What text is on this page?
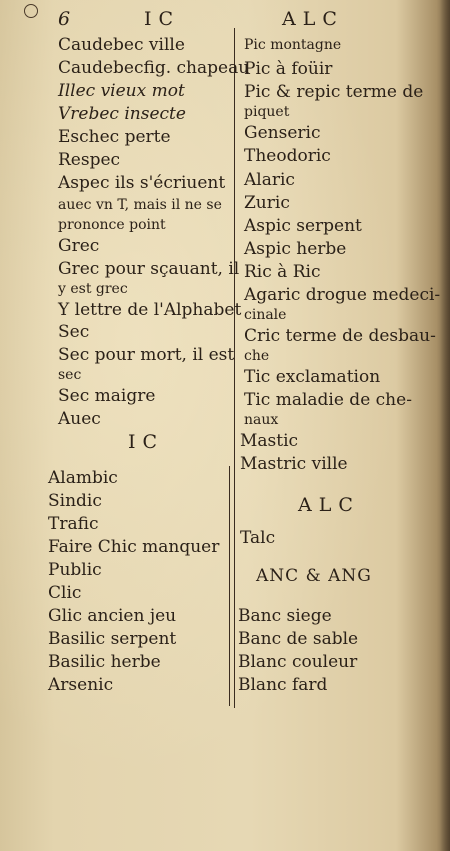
6	IC	ALC
Caudebec ville
Caudebecfig. chapeau
Illec vieux mot
Vrebec insecte
Eschec perte
Respec
Aspec ils s'écriuent
auec vn T, mais il ne se
prononce point
Grec
Grec pour sçauant, il
y est grec
Y lettre de l'Alphabet
Sec
Sec pour mort, il est
sec
Sec maigre
Auec
IC
Alambic
Sindic
Trafic
Faire Chic manquer
Public
Clic
Glic ancien jeu
Basilic serpent
Basilic herbe
Arsenic
Pic montagne
Pic à foüir
Pic & repic terme de
piquet
Genseric
Theodoric
Alaric
Zuric
Aspic serpent
Aspic herbe
Ric à Ric
Agaric drogue medeci-
cinale
Cric terme de desbau-
che
Tic exclamation
Tic maladie de che-
naux
Mastic
Mastric ville
ALC
Talc
ANC & ANG
Banc siege
Banc de sable
Blanc couleur
Blanc fard
